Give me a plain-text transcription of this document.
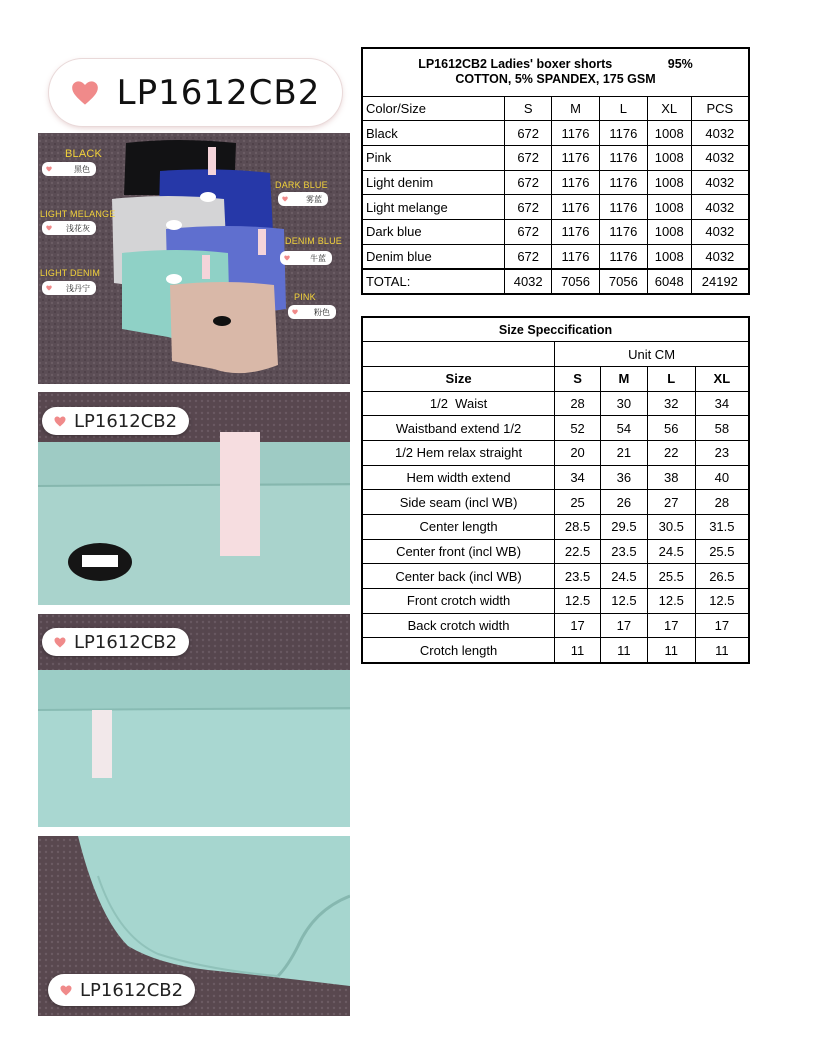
LP1612CB2
BLACK
黑色
LIGHT MELANGE
浅花灰
LIGHT DENIM
浅丹宁
DARK BLUE
雾蓝
DENIM BLUE
牛蓝
PINK
粉色
LP1612CB2
LP1612CB2
LP1612CB2
LP1612CB2 Ladies' boxer shorts                95%
COTTON, 5% SPANDEX, 175 GSM					

Color/Size	S	M	L	XL	PCS
Black	672	1176	1176	1008	4032
Pink	672	1176	1176	1008	4032
Light denim	672	1176	1176	1008	4032
Light melange	672	1176	1176	1008	4032
Dark blue	672	1176	1176	1008	4032
Denim blue	672	1176	1176	1008	4032
TOTAL:	4032	7056	7056	6048	24192
Size Speccification				
	Unit CM			
Size	S	M	L	XL
1/2  Waist	28	30	32	34
Waistband extend 1/2	52	54	56	58
1/2 Hem relax straight	20	21	22	23
Hem width extend	34	36	38	40
Side seam (incl WB)	25	26	27	28
Center length	28.5	29.5	30.5	31.5
Center front (incl WB)	22.5	23.5	24.5	25.5
Center back (incl WB)	23.5	24.5	25.5	26.5
Front crotch width	12.5	12.5	12.5	12.5
Back crotch width	17	17	17	17
Crotch length	11	11	11	11
